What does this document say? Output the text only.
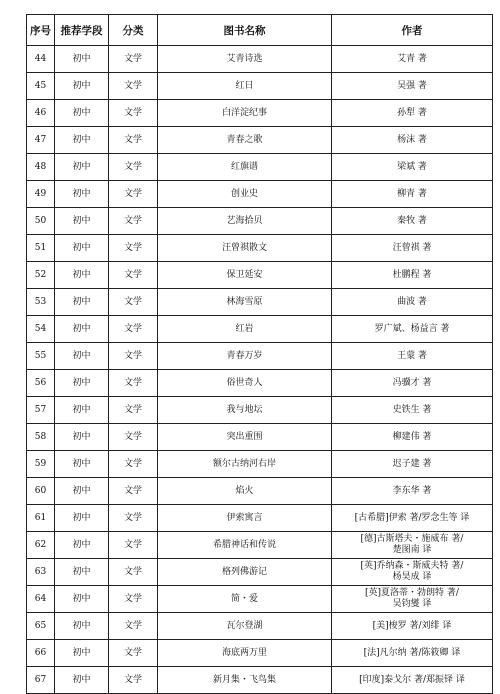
序号	推荐学段	分类	图书名称	作者
44	初中	文学	艾青诗选	艾青 著

45	初中	文学	红日	吴强 著

46	初中	文学	白洋淀纪事	孙犁 著

47	初中	文学	青春之歌	杨沫 著

48	初中	文学	红旗谱	梁斌 著

49	初中	文学	创业史	柳青 著

50	初中	文学	艺海拾贝	秦牧 著

51	初中	文学	汪曾祺散文	汪曾祺 著

52	初中	文学	保卫延安	杜鹏程 著

53	初中	文学	林海雪原	曲波 著

54	初中	文学	红岩	罗广斌、杨益言 著

55	初中	文学	青春万岁	王蒙 著

56	初中	文学	俗世奇人	冯骥才 著

57	初中	文学	我与地坛	史铁生 著

58	初中	文学	突出重围	柳建伟 著

59	初中	文学	额尔古纳河右岸	迟子建 著

60	初中	文学	焰火	李东华 著

61	初中	文学	伊索寓言	[古希腊]伊索 著/罗念生等 译

62	初中	文学	希腊神话和传说	[德]古斯塔夫・施威布 著/
楚图南 译

63	初中	文学	格列佛游记	[英]乔纳森・斯威夫特 著/
杨昊成 译

64	初中	文学	简・爱	[英]夏洛蒂・勃朗特 著/
吴钧燮 译

65	初中	文学	瓦尔登湖	[美]梭罗 著/刘绯 译

66	初中	文学	海底两万里	[法]凡尔纳 著/陈筱卿 译

67	初中	文学	新月集・飞鸟集	[印度]泰戈尔 著/郑振铎 译
